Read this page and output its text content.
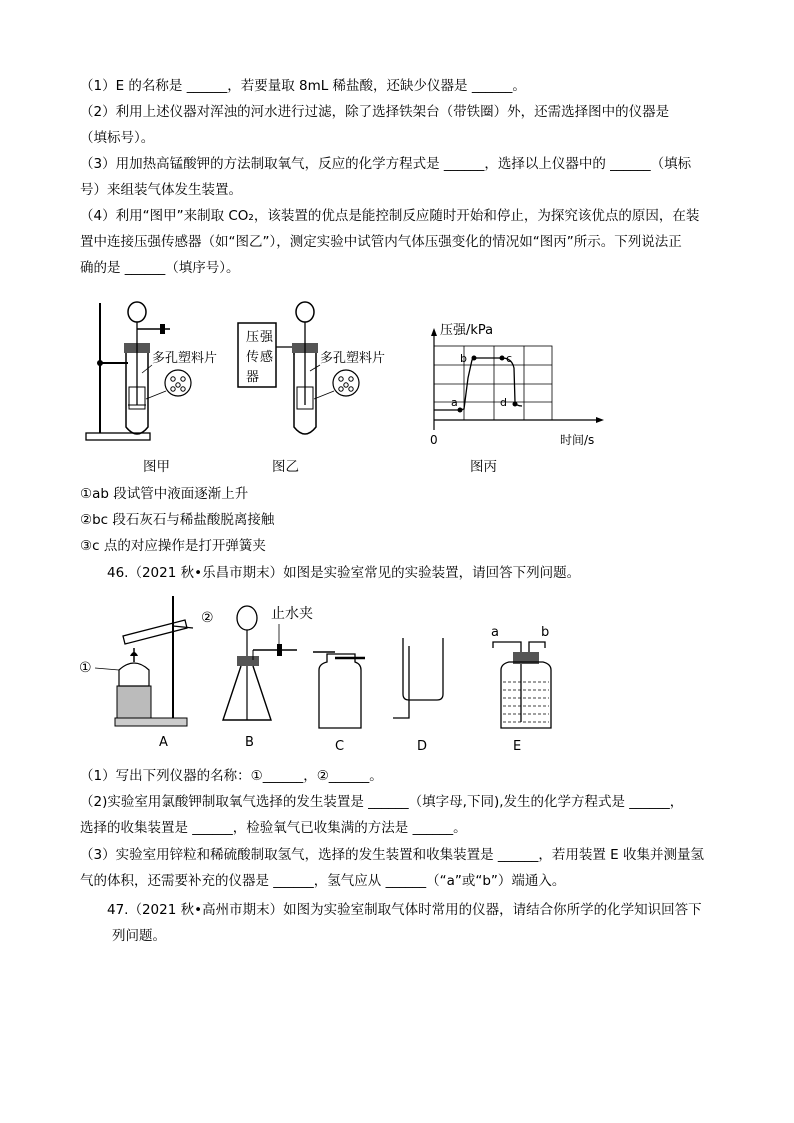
（1）E 的名称是 ______，若要量取 8mL 稀盐酸，还缺少仪器是 ______。
（2）利用上述仪器对浑浊的河水进行过滤，除了选择铁架台（带铁圈）外，还需选择图中的仪器是
（填标号）。
（3）用加热高锰酸钾的方法制取氧气，反应的化学方程式是 ______，选择以上仪器中的 ______（填标
号）来组装气体发生装置。
（4）利用“图甲”来制取 CO₂，该装置的优点是能控制反应随时开始和停止，为探究该优点的原因，在装
置中连接压强传感器（如“图乙”），测定实验中试管内气体压强变化的情况如“图丙”所示。下列说法正
确的是 ______（填序号）。
多孔塑料片
压 强
传 感
器
多孔塑料片
压强/kPa
a
b	c
d
0	时间/s
图甲	图乙	图丙
①ab 段试管中液面逐渐上升
②bc 段石灰石与稀盐酸脱离接触
③c 点的对应操作是打开弹簧夹
46.（2021 秋•乐昌市期末）如图是实验室常见的实验装置，请回答下列问题。
①
②	止水夹
a	b
A	B	C	D	E
（1）写出下列仪器的名称：①______，②______。
（2)实验室用氯酸钾制取氧气选择的发生装置是 ______（填字母,下同),发生的化学方程式是 ______，
选择的收集装置是 ______，检验氧气已收集满的方法是 ______。
（3）实验室用锌粒和稀硫酸制取氢气，选择的发生装置和收集装置是 ______，若用装置 E 收集并测量氢
气的体积，还需要补充的仪器是 ______，氢气应从 ______（“a”或“b”）端通入。
47.（2021 秋•高州市期末）如图为实验室制取气体时常用的仪器，请结合你所学的化学知识回答下
列问题。
